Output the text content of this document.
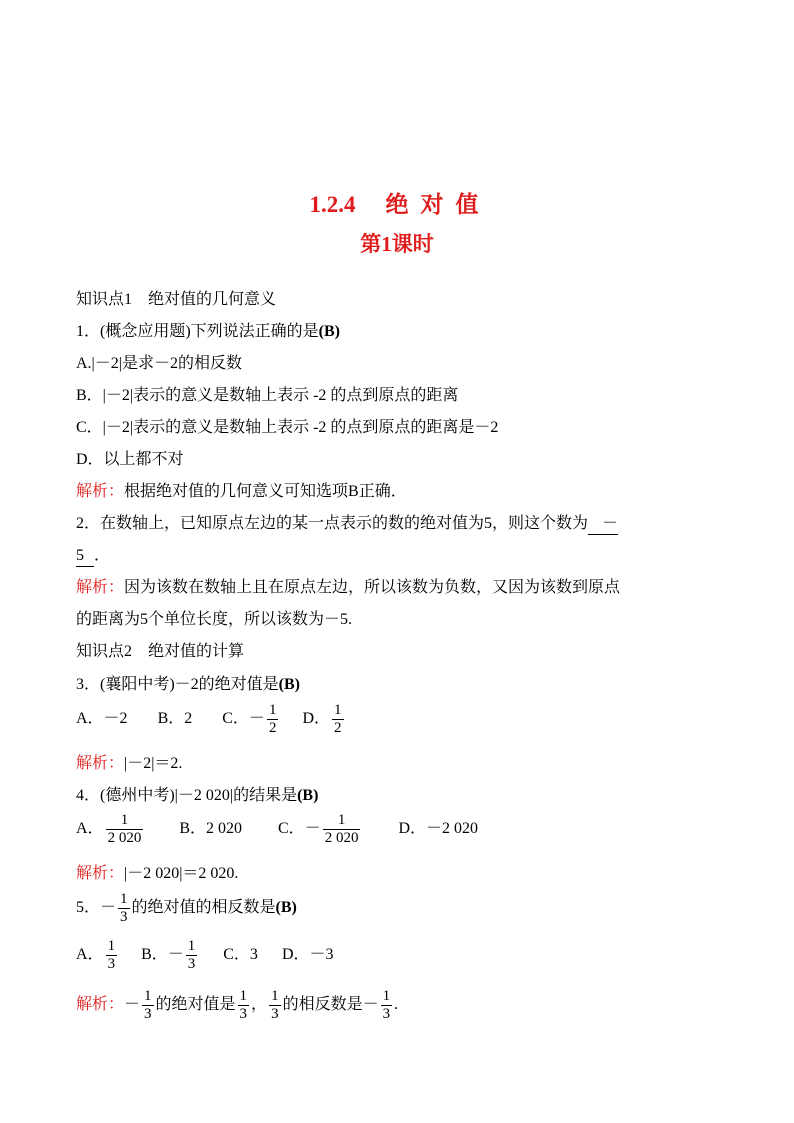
1.2.4 绝 对 值
第1课时
知识点1　绝对值的几何意义
1．(概念应用题)下列说法正确的是(B)
A.|－2|是求－2的相反数
B．|－2|表示的意义是数轴上表示 -2 的点到原点的距离
C．|－2|表示的意义是数轴上表示 -2 的点到原点的距离是－2
D．以上都不对
解析：根据绝对值的几何意义可知选项B正确．
2．在数轴上，已知原点左边的某一点表示的数的绝对值为5，则这个数为 －
5 ．
解析：因为该数在数轴上且在原点左边，所以该数为负数，又因为该数到原点
的距离为5个单位长度，所以该数为－5.
知识点2　绝对值的计算
3．(襄阳中考)－2的绝对值是(B)
A．－2 B．2 C．－ $\frac{1}{2}$ D． $\frac{1}{2}$
解析：|－2|＝2.
4．(德州中考)|－2 020|的结果是(B)
A． $\frac{1}{2 020}$ B．2 020 C．－ $\frac{1}{2 020}$ D．－2 020
解析：|－2 020|＝2 020.
5．－ $\frac{1}{3}$ 的绝对值的相反数是(B)
A． $\frac{1}{3}$ B．－ $\frac{1}{3}$ C．3 D．－3
解析：－ $\frac{1}{3}$ 的绝对值是 $\frac{1}{3}$ ， $\frac{1}{3}$ 的相反数是－ $\frac{1}{3}$ .
